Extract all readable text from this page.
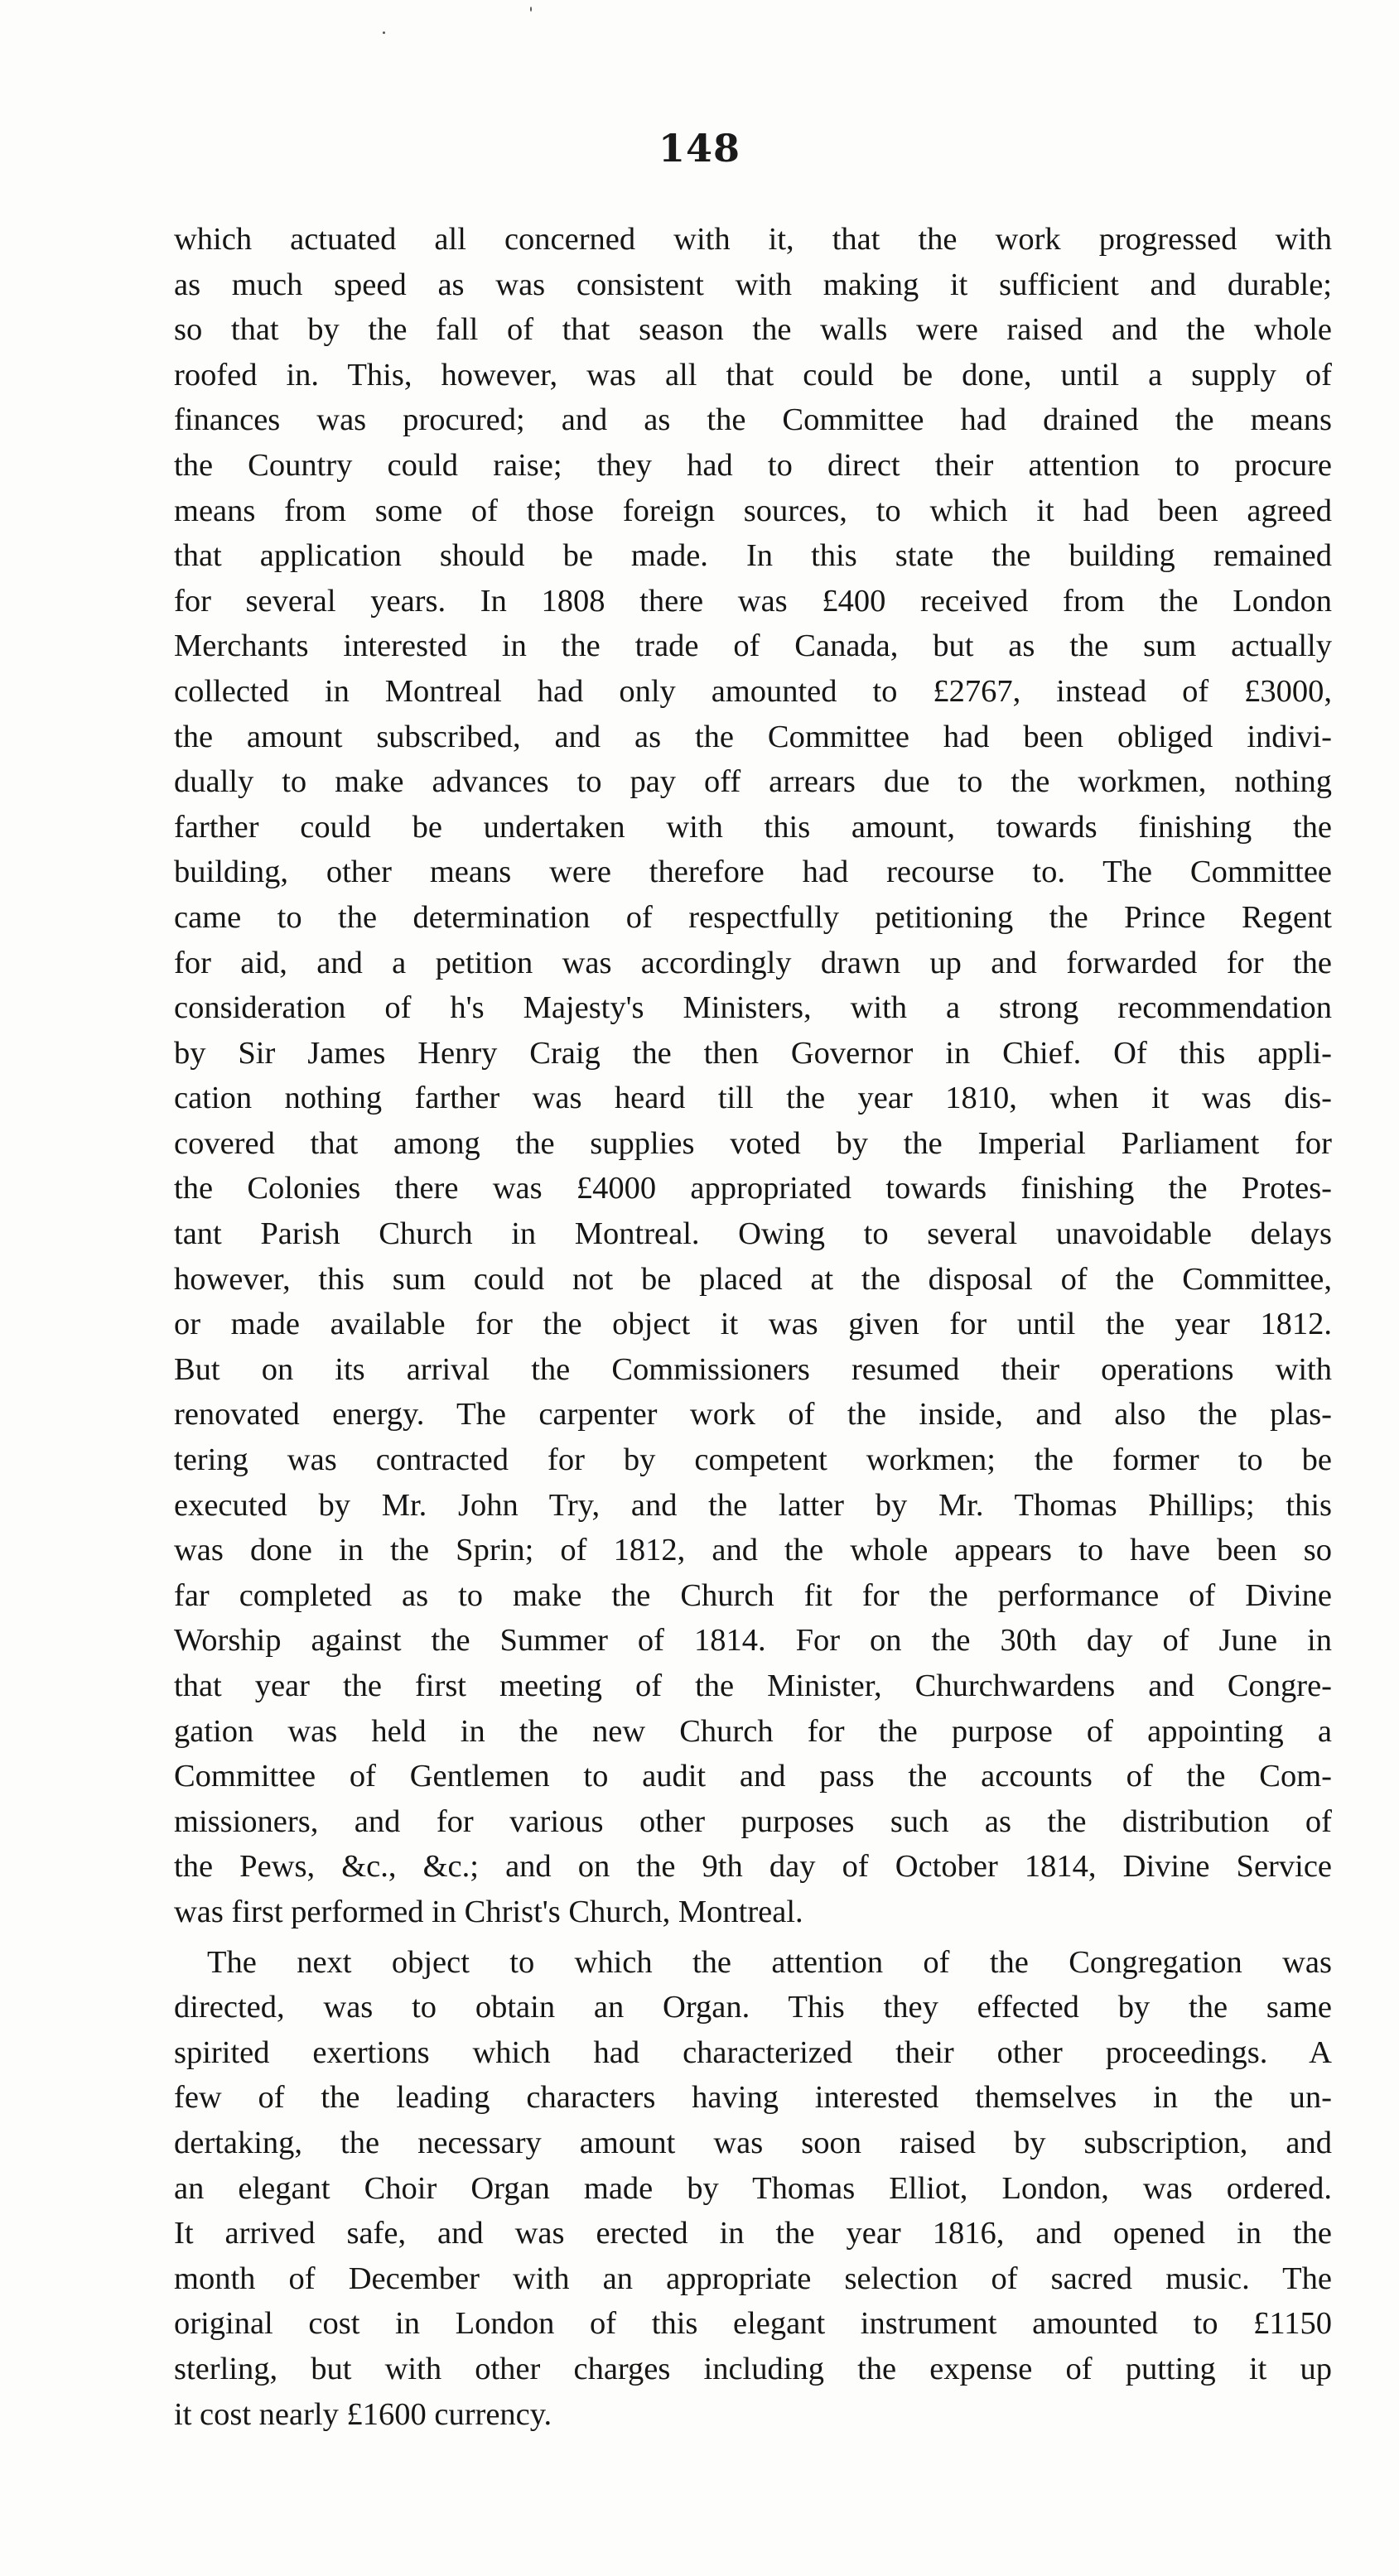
148
which actuated all concerned with it, that the work progressed with
as much speed as was consistent with making it sufficient and durable;
so that by the fall of that season the walls were raised and the whole
roofed in. This, however, was all that could be done, until a supply of
finances was procured; and as the Committee had drained the means
the Country could raise; they had to direct their attention to procure
means from some of those foreign sources, to which it had been agreed
that application should be made. In this state the building remained
for several years. In 1808 there was £400 received from the London
Merchants interested in the trade of Canada, but as the sum actually
collected in Montreal had only amounted to £2767, instead of £3000,
the amount subscribed, and as the Committee had been obliged indivi-
dually to make advances to pay off arrears due to the workmen, nothing
farther could be undertaken with this amount, towards finishing the
building, other means were therefore had recourse to. The Committee
came to the determination of respectfully petitioning the Prince Regent
for aid, and a petition was accordingly drawn up and forwarded for the
consideration of h's Majesty's Ministers, with a strong recommendation
by Sir James Henry Craig the then Governor in Chief. Of this appli-
cation nothing farther was heard till the year 1810, when it was dis-
covered that among the supplies voted by the Imperial Parliament for
the Colonies there was £4000 appropriated towards finishing the Protes-
tant Parish Church in Montreal. Owing to several unavoidable delays
however, this sum could not be placed at the disposal of the Committee,
or made available for the object it was given for until the year 1812.
But on its arrival the Commissioners resumed their operations with
renovated energy. The carpenter work of the inside, and also the plas-
tering was contracted for by competent workmen; the former to be
executed by Mr. John Try, and the latter by Mr. Thomas Phillips; this
was done in the Sprin; of 1812, and the whole appears to have been so
far completed as to make the Church fit for the performance of Divine
Worship against the Summer of 1814. For on the 30th day of June in
that year the first meeting of the Minister, Churchwardens and Congre-
gation was held in the new Church for the purpose of appointing a
Committee of Gentlemen to audit and pass the accounts of the Com-
missioners, and for various other purposes such as the distribution of
the Pews, &c., &c.; and on the 9th day of October 1814, Divine Service
was first performed in Christ's Church, Montreal.
The next object to which the attention of the Congregation was
directed, was to obtain an Organ. This they effected by the same
spirited exertions which had characterized their other proceedings. A
few of the leading characters having interested themselves in the un-
dertaking, the necessary amount was soon raised by subscription, and
an elegant Choir Organ made by Thomas Elliot, London, was ordered.
It arrived safe, and was erected in the year 1816, and opened in the
month of December with an appropriate selection of sacred music. The
original cost in London of this elegant instrument amounted to £1150
sterling, but with other charges including the expense of putting it up
it cost nearly £1600 currency.
